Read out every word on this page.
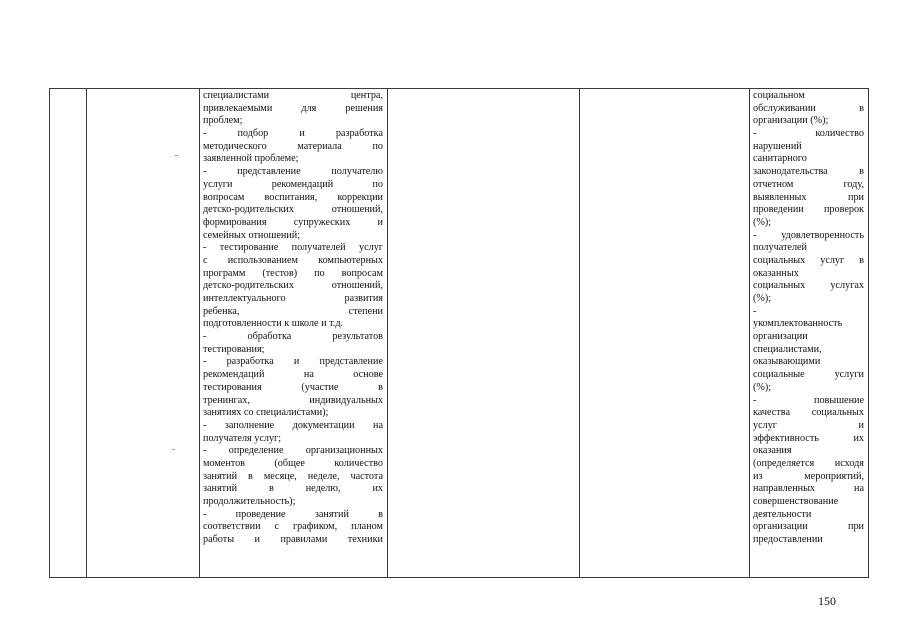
специалистами центра,
привлекаемыми для решения
проблем;
- подбор и разработка
методического материала по
заявленной проблеме;
- представление получателю
услуги рекомендаций по
вопросам воспитания, коррекции
детско-родительских отношений,
формирования супружеских и
семейных отношений;
- тестирование получателей услуг
с использованием компьютерных
программ (тестов) по вопросам
детско-родительских отношений,
интеллектуального развития
ребенка, степени
подготовленности к школе и т.д.
- обработка результатов
тестирования;
- разработка и представление
рекомендаций на основе
тестирования (участие в
тренингах, индивидуальных
занятиях со специалистами);
- заполнение документации на
получателя услуг;
- определение организационных
моментов (общее количество
занятий в месяце, неделе, частота
занятий в неделю, их
продолжительность);
- проведение занятий в
соответствии с графиком, планом
работы и правилами техники
социальном
обслуживании в
организации (%);
- количество
нарушений
санитарного
законодательства в
отчетном году,
выявленных при
проведении проверок
(%);
- удовлетворенность
получателей
социальных услуг в
оказанных
социальных услугах
(%);
-
укомплектованность
организации
специалистами,
оказывающими
социальные услуги
(%);
- повышение
качества социальных
услуг и
эффективность их
оказания
(определяется исходя
из мероприятий,
направленных на
совершенствование
деятельности
организации при
предоставлении
150
